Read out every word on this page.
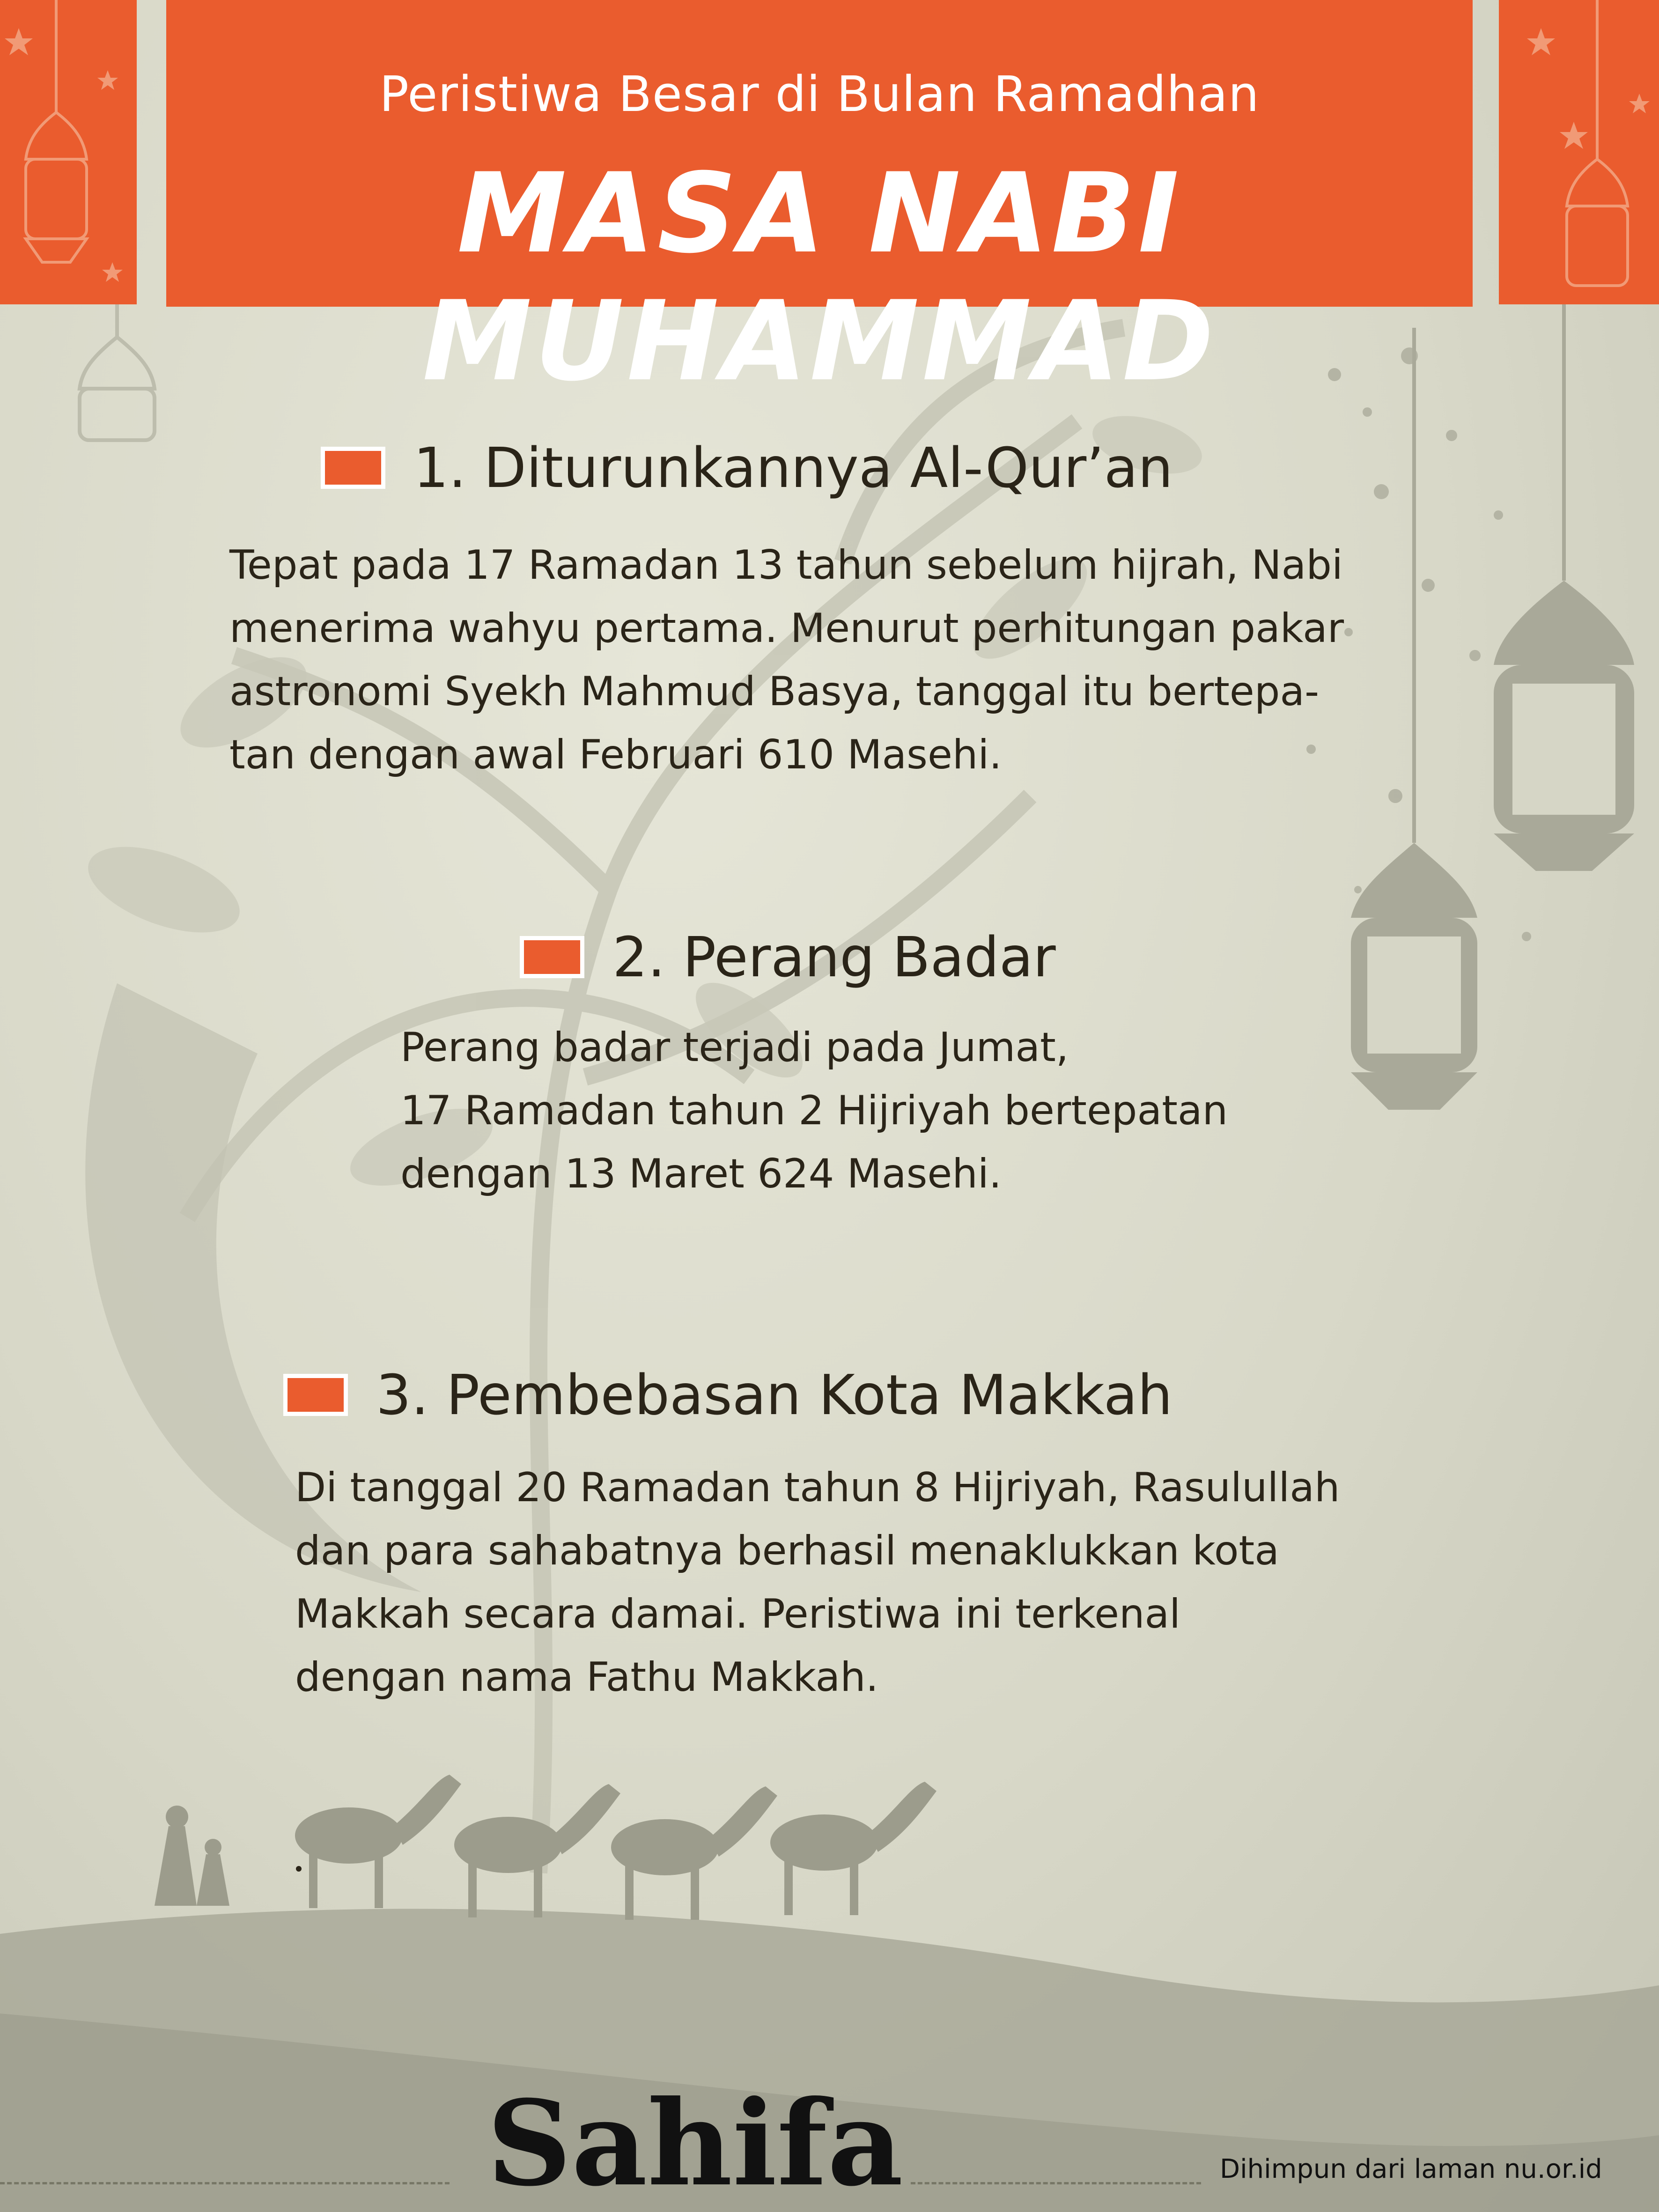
Peristiwa Besar di Bulan Ramadhan
MASA NABI MUHAMMAD
1. Diturunkannya Al-Qur’an
Tepat pada 17 Ramadan 13 tahun sebelum hijrah, Nabi
menerima wahyu pertama. Menurut perhitungan pakar
astronomi Syekh Mahmud Basya, tanggal itu bertepa-
tan dengan awal Februari 610 Masehi.
2. Perang Badar
Perang badar terjadi pada Jumat,
17 Ramadan tahun 2 Hijriyah bertepatan
dengan 13 Maret 624 Masehi.
3. Pembebasan Kota Makkah
Di tanggal 20 Ramadan tahun 8 Hijriyah, Rasulullah
dan para sahabatnya berhasil menaklukkan kota
Makkah secara damai. Peristiwa ini terkenal
dengan nama Fathu Makkah.
Sahifa	Dihimpun dari laman nu.or.id
